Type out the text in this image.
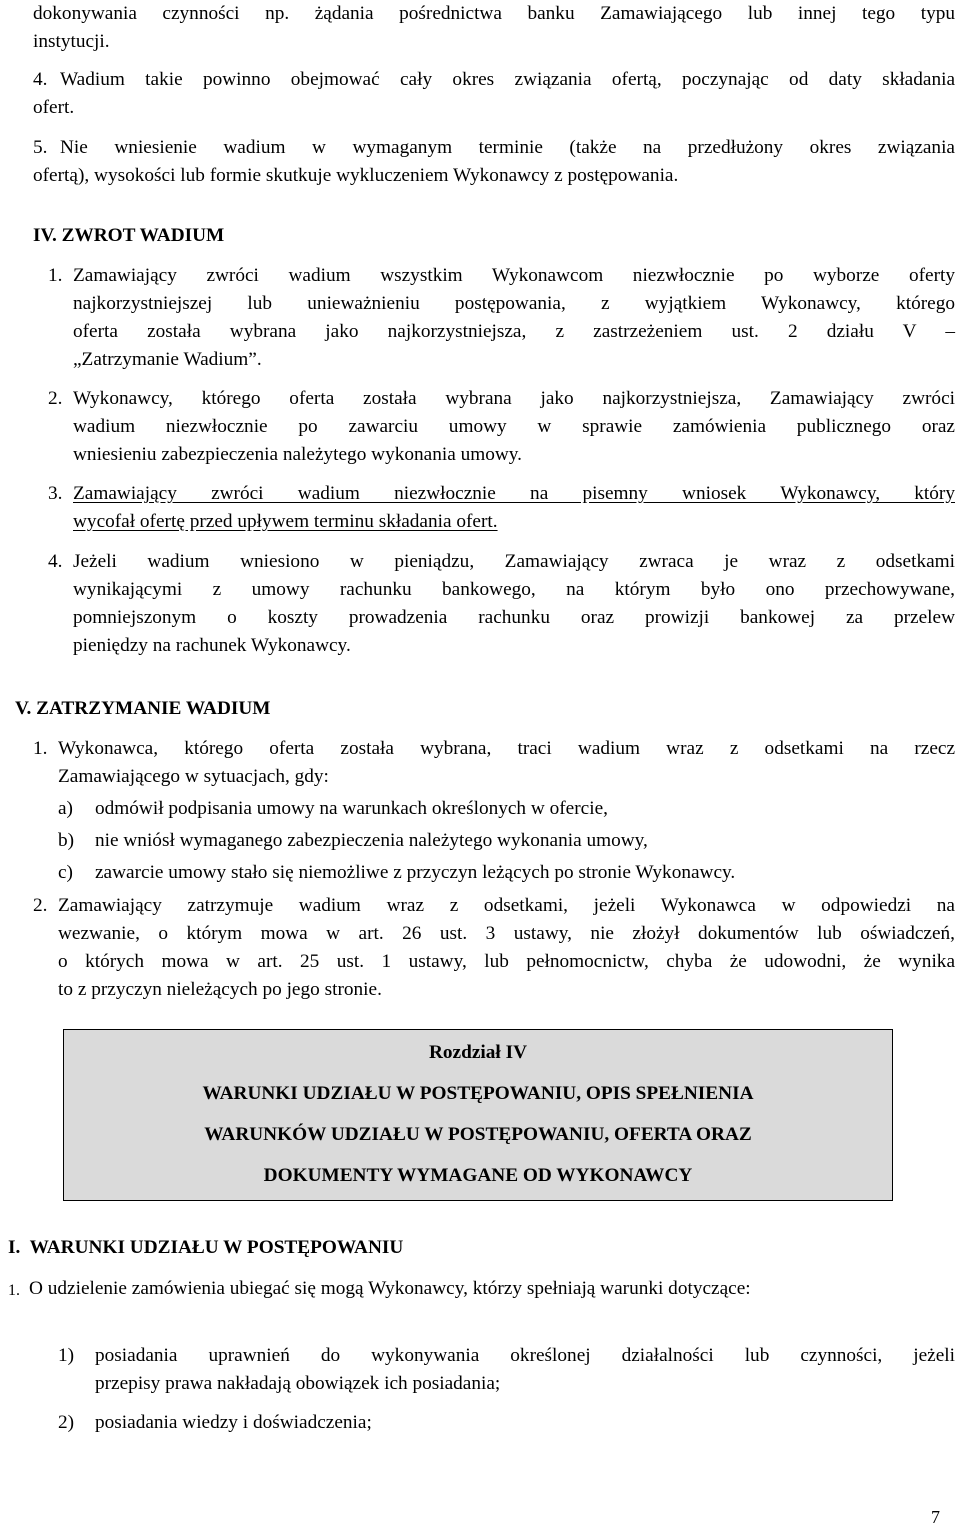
dokonywania czynności np. żądania pośrednictwa banku Zamawiającego lub innej tego typu
instytucji.
4. Wadium takie powinno obejmować cały okres związania ofertą, poczynając od daty składania
ofert.
5. Nie wniesienie wadium w wymaganym terminie (także na przedłużony okres związania
ofertą), wysokości lub formie skutkuje wykluczeniem Wykonawcy z postępowania.
IV. ZWROT WADIUM
1. Zamawiający zwróci wadium wszystkim Wykonawcom niezwłocznie po wyborze oferty
najkorzystniejszej lub unieważnieniu postępowania, z wyjątkiem Wykonawcy, którego
oferta została wybrana jako najkorzystniejsza, z zastrzeżeniem ust. 2 działu V –
„Zatrzymanie Wadium”.
2. Wykonawcy, którego oferta została wybrana jako najkorzystniejsza, Zamawiający zwróci
wadium niezwłocznie po zawarciu umowy w sprawie zamówienia publicznego oraz
wniesieniu zabezpieczenia należytego wykonania umowy.
3. Zamawiający zwróci wadium niezwłocznie na pisemny wniosek Wykonawcy, który
wycofał ofertę przed upływem terminu składania ofert.
4. Jeżeli wadium wniesiono w pieniądzu, Zamawiający zwraca je wraz z odsetkami
wynikającymi z umowy rachunku bankowego, na którym było ono przechowywane,
pomniejszonym o koszty prowadzenia rachunku oraz prowizji bankowej za przelew
pieniędzy na rachunek Wykonawcy.
V. ZATRZYMANIE WADIUM
1. Wykonawca, którego oferta została wybrana, traci wadium wraz z odsetkami na rzecz
Zamawiającego w sytuacjach, gdy:
a) odmówił podpisania umowy na warunkach określonych w ofercie,
b) nie wniósł wymaganego zabezpieczenia należytego wykonania umowy,
c) zawarcie umowy stało się niemożliwe z przyczyn leżących po stronie Wykonawcy.
2. Zamawiający zatrzymuje wadium wraz z odsetkami, jeżeli Wykonawca w odpowiedzi na
wezwanie, o którym mowa w art. 26 ust. 3 ustawy, nie złożył dokumentów lub oświadczeń,
o których mowa w art. 25 ust. 1 ustawy, lub pełnomocnictw, chyba że udowodni, że wynika
to z przyczyn nieleżących po jego stronie.
Rozdział IV
WARUNKI UDZIAŁU W POSTĘPOWANIU, OPIS SPEŁNIENIA
WARUNKÓW UDZIAŁU W POSTĘPOWANIU, OFERTA ORAZ
DOKUMENTY WYMAGANE OD WYKONAWCY
I.  WARUNKI UDZIAŁU W POSTĘPOWANIU
1. O udzielenie zamówienia ubiegać się mogą Wykonawcy, którzy spełniają warunki dotyczące:
1) posiadania uprawnień do wykonywania określonej działalności lub czynności, jeżeli
przepisy prawa nakładają obowiązek ich posiadania;
2) posiadania wiedzy i doświadczenia;
7
